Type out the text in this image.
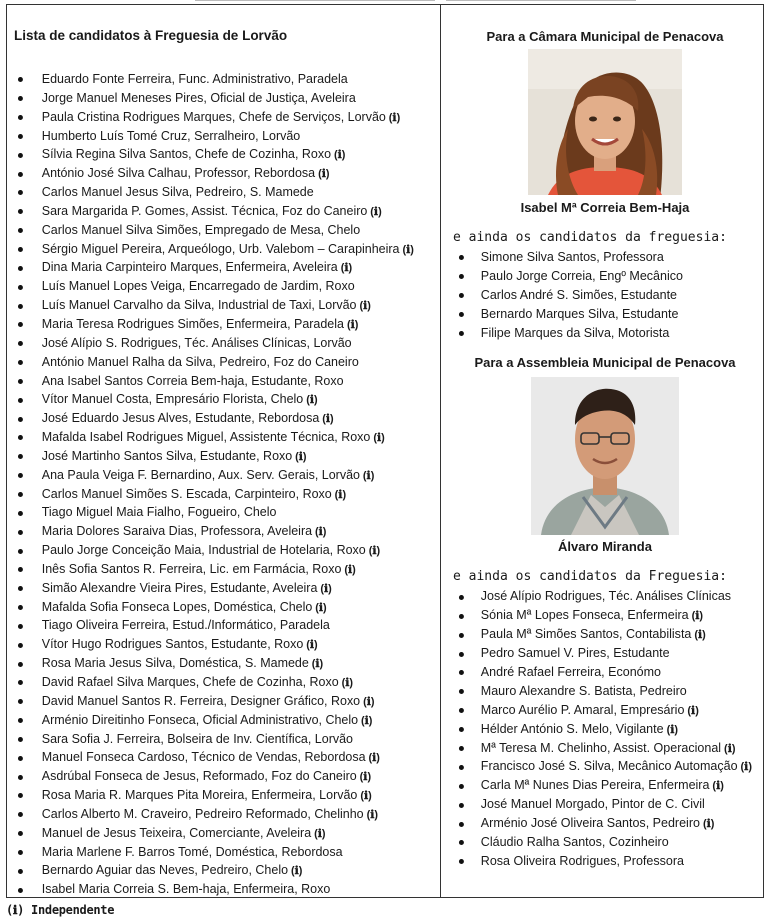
Lista de candidatos à Freguesia de Lorvão
Eduardo Fonte Ferreira, Func. Administrativo, Paradela
Jorge Manuel Meneses Pires, Oficial de Justiça, Aveleira
Paula Cristina Rodrigues Marques, Chefe de Serviços, Lorvão (ℹ)
Humberto Luís Tomé Cruz, Serralheiro, Lorvão
Sílvia Regina Silva Santos, Chefe de Cozinha, Roxo (ℹ)
António José Silva Calhau, Professor, Rebordosa (ℹ)
Carlos Manuel Jesus Silva, Pedreiro, S. Mamede
Sara Margarida P. Gomes, Assist. Técnica, Foz do Caneiro (ℹ)
Carlos Manuel Silva Simões, Empregado de Mesa, Chelo
Sérgio Miguel Pereira, Arqueólogo, Urb. Valebom – Carapinheira (ℹ)
Dina Maria Carpinteiro Marques, Enfermeira, Aveleira (ℹ)
Luís Manuel Lopes Veiga, Encarregado de Jardim, Roxo
Luís Manuel Carvalho da Silva, Industrial de Taxi, Lorvão (ℹ)
Maria Teresa Rodrigues Simões, Enfermeira, Paradela (ℹ)
José Alípio S. Rodrigues, Téc. Análises Clínicas, Lorvão
António Manuel Ralha da Silva, Pedreiro, Foz do Caneiro
Ana Isabel Santos Correia Bem-haja, Estudante, Roxo
Vítor Manuel Costa, Empresário Florista, Chelo (ℹ)
José Eduardo Jesus Alves, Estudante, Rebordosa (ℹ)
Mafalda Isabel Rodrigues Miguel, Assistente Técnica, Roxo (ℹ)
José Martinho Santos Silva, Estudante, Roxo (ℹ)
Ana Paula Veiga F. Bernardino, Aux. Serv. Gerais, Lorvão (ℹ)
Carlos Manuel Simões S. Escada, Carpinteiro, Roxo (ℹ)
Tiago Miguel Maia Fialho, Fogueiro, Chelo
Maria Dolores Saraiva Dias, Professora, Aveleira (ℹ)
Paulo Jorge Conceição Maia, Industrial de Hotelaria, Roxo (ℹ)
Inês Sofia Santos R. Ferreira, Lic. em Farmácia, Roxo (ℹ)
Simão Alexandre Vieira Pires, Estudante, Aveleira (ℹ)
Mafalda Sofia Fonseca Lopes, Doméstica, Chelo (ℹ)
Tiago Oliveira Ferreira, Estud./Informático, Paradela
Vítor Hugo Rodrigues Santos, Estudante, Roxo (ℹ)
Rosa Maria Jesus Silva, Doméstica, S. Mamede (ℹ)
David Rafael Silva Marques, Chefe de Cozinha, Roxo (ℹ)
David Manuel Santos R. Ferreira, Designer Gráfico, Roxo (ℹ)
Arménio Direitinho Fonseca, Oficial Administrativo, Chelo (ℹ)
Sara Sofia J. Ferreira, Bolseira de Inv. Científica, Lorvão
Manuel Fonseca Cardoso, Técnico de Vendas, Rebordosa (ℹ)
Asdrúbal Fonseca de Jesus, Reformado, Foz do Caneiro (ℹ)
Rosa Maria R. Marques Pita Moreira, Enfermeira, Lorvão (ℹ)
Carlos Alberto M. Craveiro, Pedreiro Reformado, Chelinho (ℹ)
Manuel de Jesus Teixeira, Comerciante, Aveleira (ℹ)
Maria Marlene F. Barros Tomé, Doméstica, Rebordosa
Bernardo Aguiar das Neves, Pedreiro, Chelo (ℹ)
Isabel Maria Correia S. Bem-haja, Enfermeira, Roxo
Para a Câmara Municipal de Penacova
Isabel Mª Correia Bem-Haja
e ainda os candidatos da freguesia:
Simone Silva Santos, Professora
Paulo Jorge Correia, Engº Mecânico
Carlos André S. Simões, Estudante
Bernardo Marques Silva, Estudante
Filipe Marques da Silva, Motorista
Para a Assembleia Municipal de Penacova
Álvaro Miranda
e ainda os candidatos da Freguesia:
José Alípio Rodrigues, Téc. Análises Clínicas
Sónia Mª Lopes Fonseca, Enfermeira (ℹ)
Paula Mª Simões Santos, Contabilista (ℹ)
Pedro Samuel V. Pires, Estudante
André Rafael Ferreira, Económo
Mauro Alexandre S. Batista, Pedreiro
Marco Aurélio P. Amaral, Empresário (ℹ)
Hélder António S. Melo, Vigilante (ℹ)
Mª Teresa M. Chelinho, Assist. Operacional (ℹ)
Francisco José S. Silva, Mecânico Automação (ℹ)
Carla Mª Nunes Dias Pereira, Enfermeira (ℹ)
José Manuel Morgado, Pintor de C. Civil
Arménio José Oliveira Santos, Pedreiro (ℹ)
Cláudio Ralha Santos, Cozinheiro
Rosa Oliveira Rodrigues, Professora
(ℹ) Independente
